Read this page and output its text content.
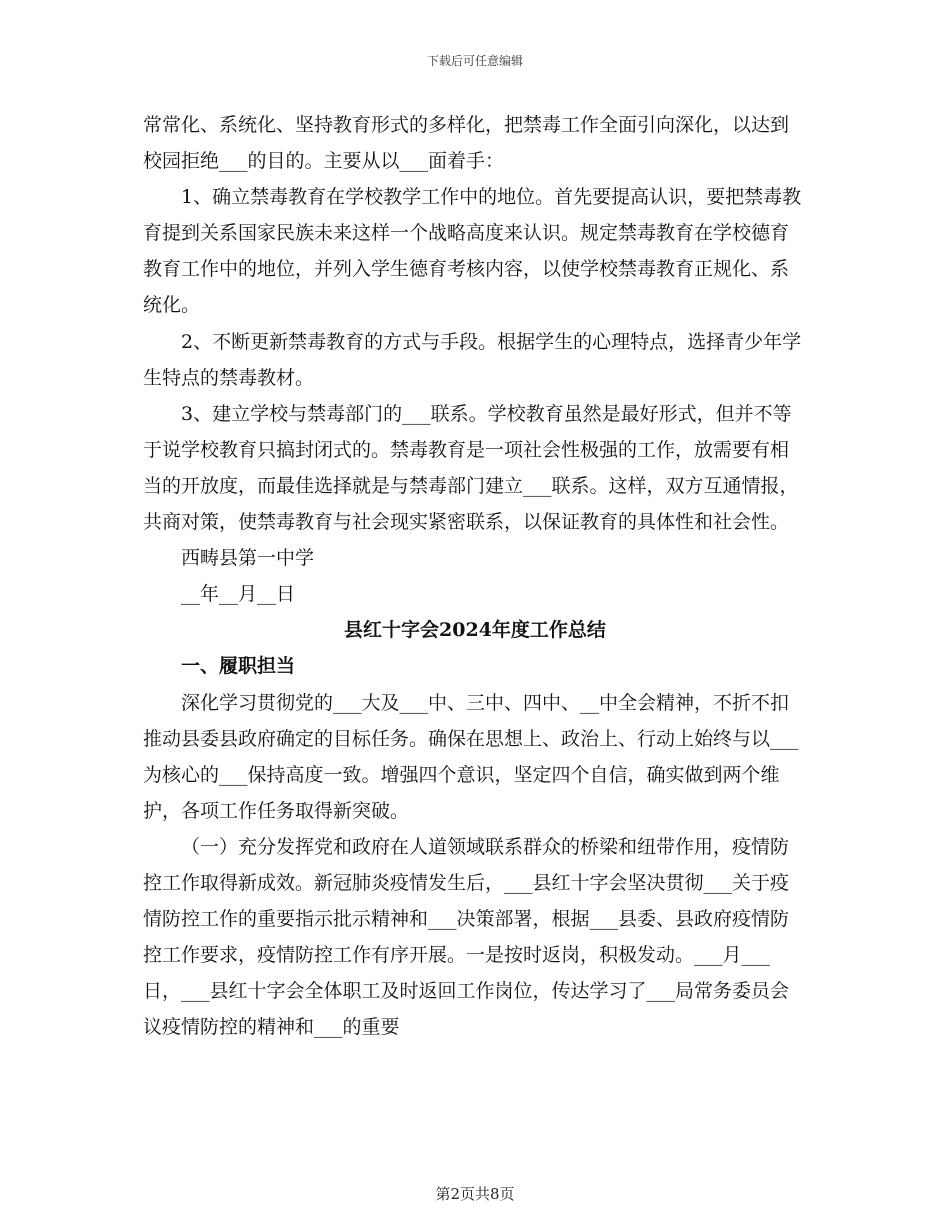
下载后可任意编辑

常常化、系统化、坚持教育形式的多样化，把禁毒工作全面引向深化，以达到校园拒绝___的目的。主要从以___面着手：

1、确立禁毒教育在学校教学工作中的地位。首先要提高认识，要把禁毒教育提到关系国家民族未来这样一个战略高度来认识。规定禁毒教育在学校德育教育工作中的地位，并列入学生德育考核内容，以使学校禁毒教育正规化、系统化。

2、不断更新禁毒教育的方式与手段。根据学生的心理特点，选择青少年学生特点的禁毒教材。

3、建立学校与禁毒部门的___联系。学校教育虽然是最好形式，但并不等于说学校教育只搞封闭式的。禁毒教育是一项社会性极强的工作，放需要有相当的开放度，而最佳选择就是与禁毒部门建立___联系。这样，双方互通情报，共商对策，使禁毒教育与社会现实紧密联系，以保证教育的具体性和社会性。

西畴县第一中学

__年__月__日

县红十字会2024年度工作总结

一、履职担当

深化学习贯彻党的___大及___中、三中、四中、__中全会精神，不折不扣推动县委县政府确定的目标任务。确保在思想上、政治上、行动上始终与以___为核心的___保持高度一致。增强四个意识，坚定四个自信，确实做到两个维护，各项工作任务取得新突破。

（一）充分发挥党和政府在人道领域联系群众的桥梁和纽带作用，疫情防控工作取得新成效。新冠肺炎疫情发生后，___县红十字会坚决贯彻___关于疫情防控工作的重要指示批示精神和___决策部署，根据___县委、县政府疫情防控工作要求，疫情防控工作有序开展。一是按时返岗，积极发动。___月___日，___县红十字会全体职工及时返回工作岗位，传达学习了___局常务委员会议疫情防控的精神和___的重要

第2页共8页
